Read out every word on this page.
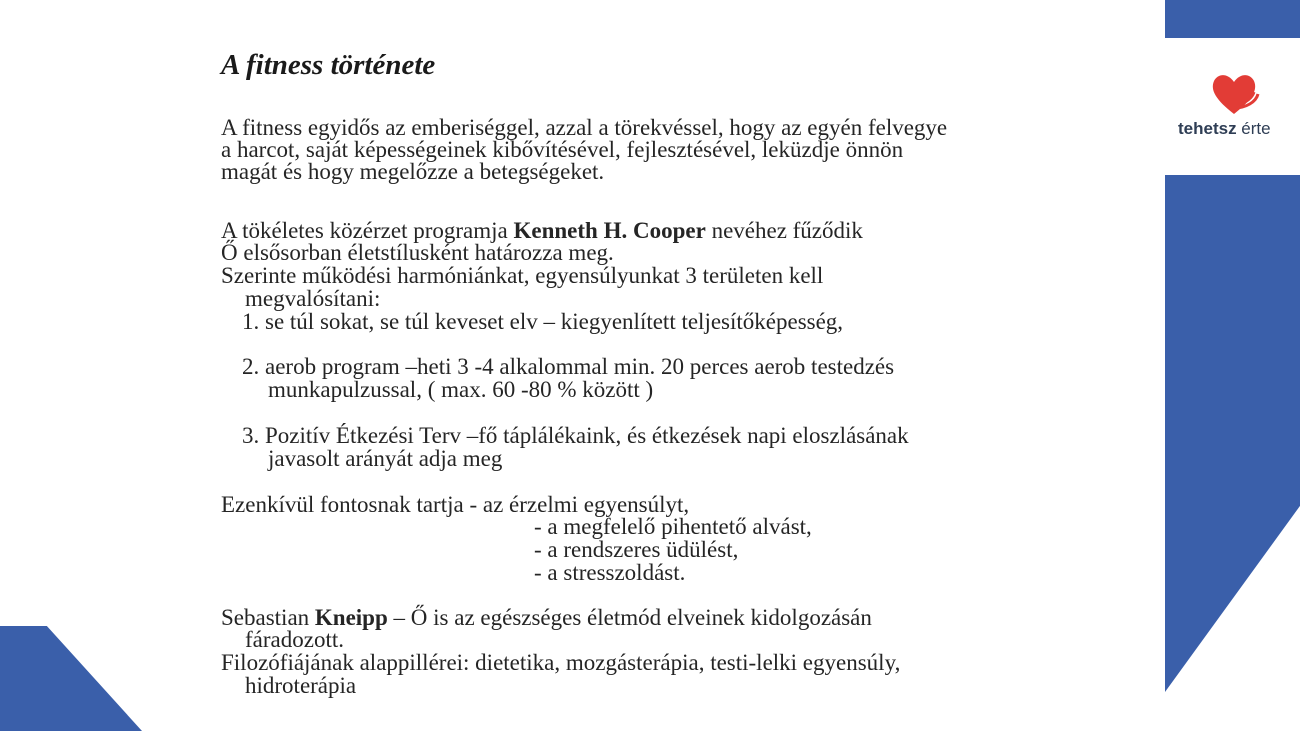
tehetsz érte
A fitness története
A fitness egyidős az emberiséggel, azzal a törekvéssel, hogy az egyén felvegye
a harcot, saját képességeinek kibővítésével, fejlesztésével, leküzdje önnön
magát és hogy megelőzze a betegségeket.
A tökéletes közérzet programja Kenneth H. Cooper nevéhez fűződik
Ő elsősorban életstílusként határozza meg.
Szerinte működési harmóniánkat, egyensúlyunkat 3 területen kell
megvalósítani:
1. se túl sokat, se túl keveset elv – kiegyenlített teljesítőképesség,
2. aerob program –heti 3 -4 alkalommal min. 20 perces aerob testedzés
munkapulzussal, ( max. 60 -80 % között )
3. Pozitív Étkezési Terv –fő táplálékaink, és étkezések napi eloszlásának
javasolt arányát adja meg
Ezenkívül fontosnak tartja - az érzelmi egyensúlyt,
- a megfelelő pihentető alvást,
- a rendszeres üdülést,
- a stresszoldást.
Sebastian Kneipp – Ő is az egészséges életmód elveinek kidolgozásán
fáradozott.
Filozófiájának alappillérei: dietetika, mozgásterápia, testi-lelki egyensúly,
hidroterápia
